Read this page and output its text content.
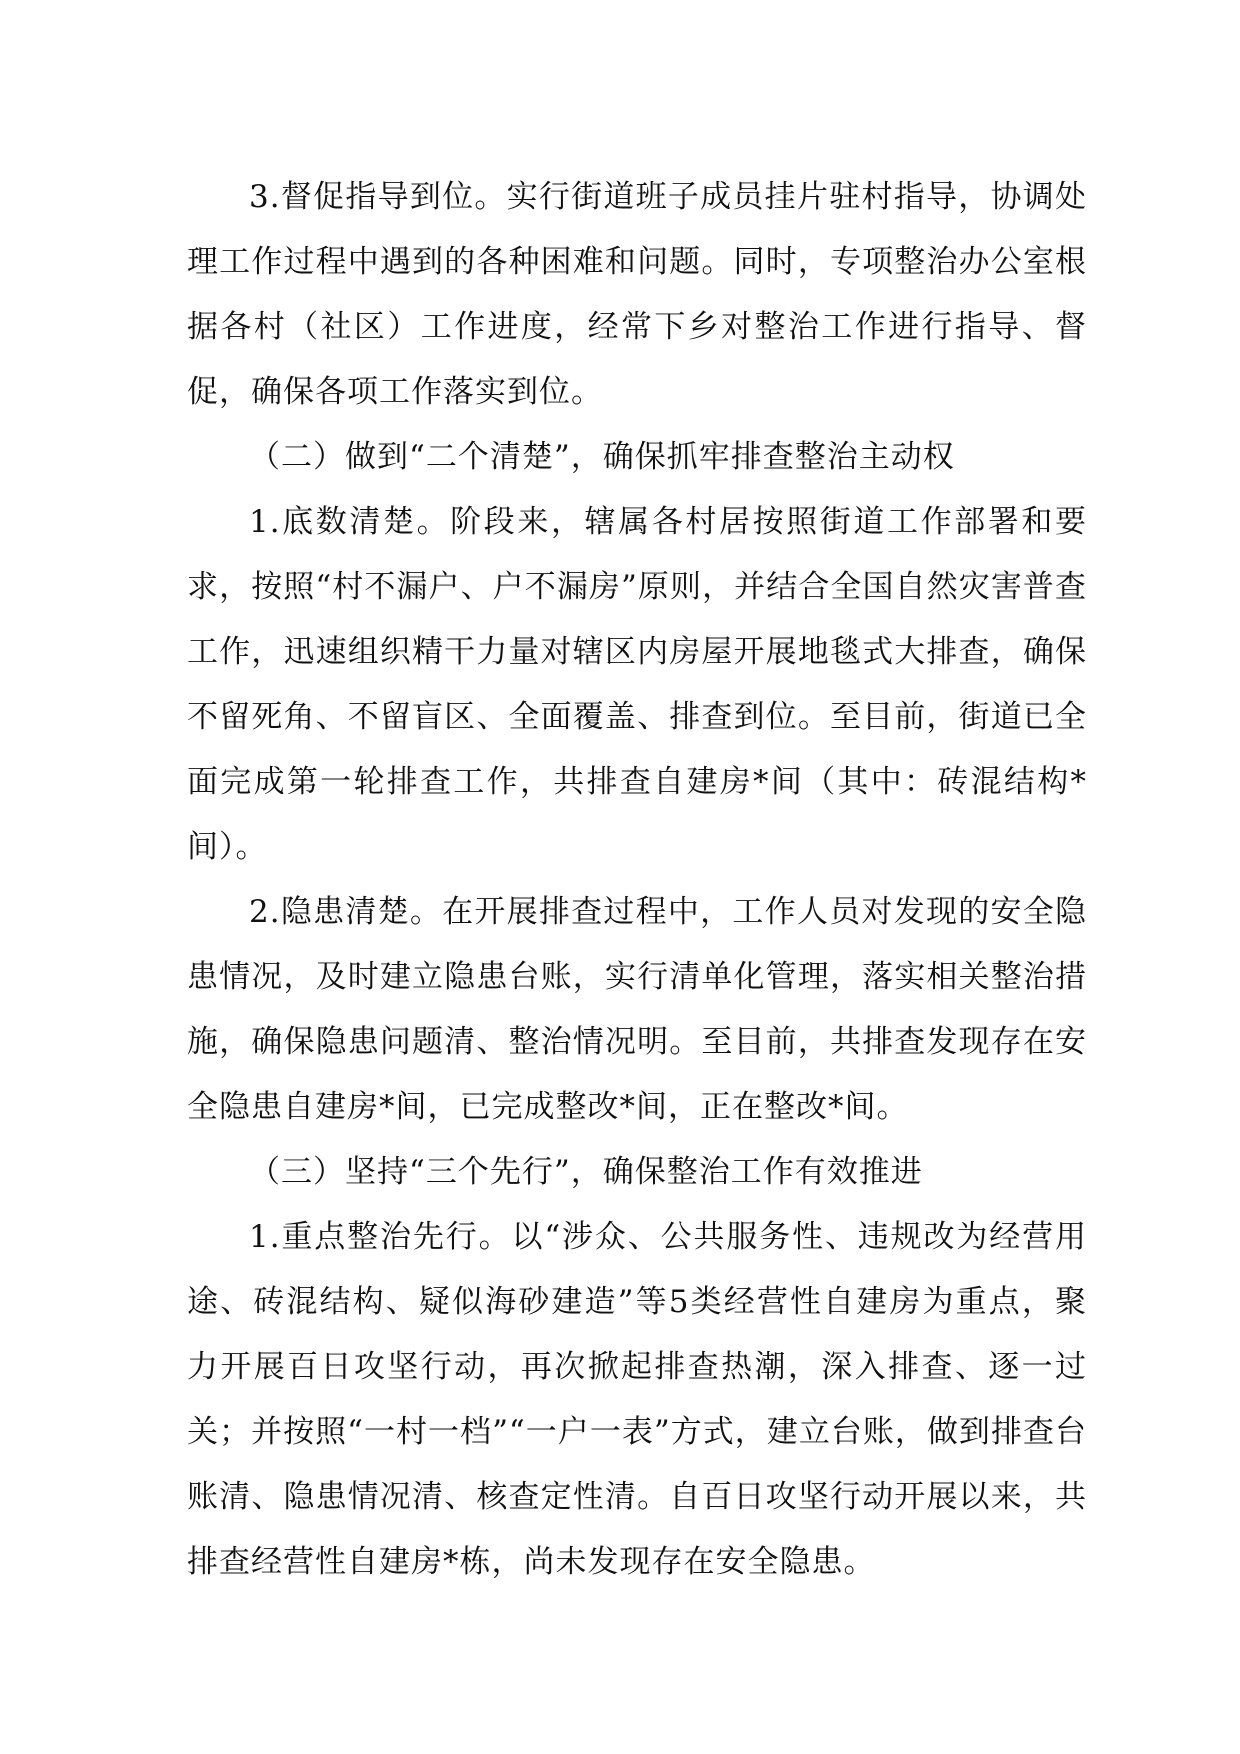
3.督促指导到位。实行街道班子成员挂片驻村指导，协调处理工作过程中遇到的各种困难和问题。同时，专项整治办公室根据各村（社区）工作进度，经常下乡对整治工作进行指导、督促，确保各项工作落实到位。

（二）做到“二个清楚”，确保抓牢排查整治主动权

1.底数清楚。阶段来，辖属各村居按照街道工作部署和要求，按照“村不漏户、户不漏房”原则，并结合全国自然灾害普查工作，迅速组织精干力量对辖区内房屋开展地毯式大排查，确保不留死角、不留盲区、全面覆盖、排查到位。至目前，街道已全面完成第一轮排查工作，共排查自建房*间（其中：砖混结构*间）。

2.隐患清楚。在开展排查过程中，工作人员对发现的安全隐患情况，及时建立隐患台账，实行清单化管理，落实相关整治措施，确保隐患问题清、整治情况明。至目前，共排查发现存在安全隐患自建房*间，已完成整改*间，正在整改*间。

（三）坚持“三个先行”，确保整治工作有效推进

1.重点整治先行。以“涉众、公共服务性、违规改为经营用途、砖混结构、疑似海砂建造”等5类经营性自建房为重点，聚力开展百日攻坚行动，再次掀起排查热潮，深入排查、逐一过关；并按照“一村一档”“一户一表”方式，建立台账，做到排查台账清、隐患情况清、核查定性清。自百日攻坚行动开展以来，共排查经营性自建房*栋，尚未发现存在安全隐患。
